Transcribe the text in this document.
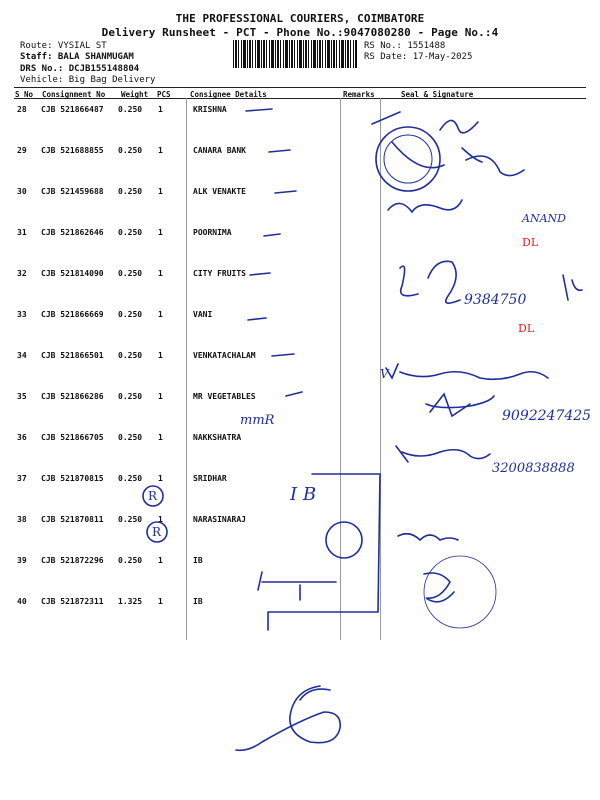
THE PROFESSIONAL COURIERS, COIMBATORE
Delivery Runsheet - PCT - Phone No.:9047080280 - Page No.:4
Route: VYSIAL ST
Staff: BALA SHANMUGAM
DRS No.: DCJB155148804
Vehicle: Big Bag Delivery
RS No.: 1551488
RS Date: 17-May-2025
S No Consignment No Weight PCS	Consignee Details	Remarks	Seal & Signature
28 CJB 521866487 0.250 1	KRISHNA
29 CJB 521688855 0.250 1	CANARA BANK
30 CJB 521459688 0.250 1	ALK VENAKTE
31 CJB 521862646 0.250 1	POORNIMA
32 CJB 521814090 0.250 1	CITY FRUITS
33 CJB 521866669 0.250 1	VANI
34 CJB 521866501 0.250 1	VENKATACHALAM
35 CJB 521866286 0.250 1	MR VEGETABLES
36 CJB 521866705 0.250 1	NAKKSHATRA
37 CJB 521870815 0.250 1	SRIDHAR
38 CJB 521870811 0.250 1	NARASINARAJ
39 CJB 521872296 0.250 1	IB
40 CJB 521872311 1.325 1	IB
R
R
ANAND
DL
DL
9384750
mmR	9092247425
3200838888
I B
V
